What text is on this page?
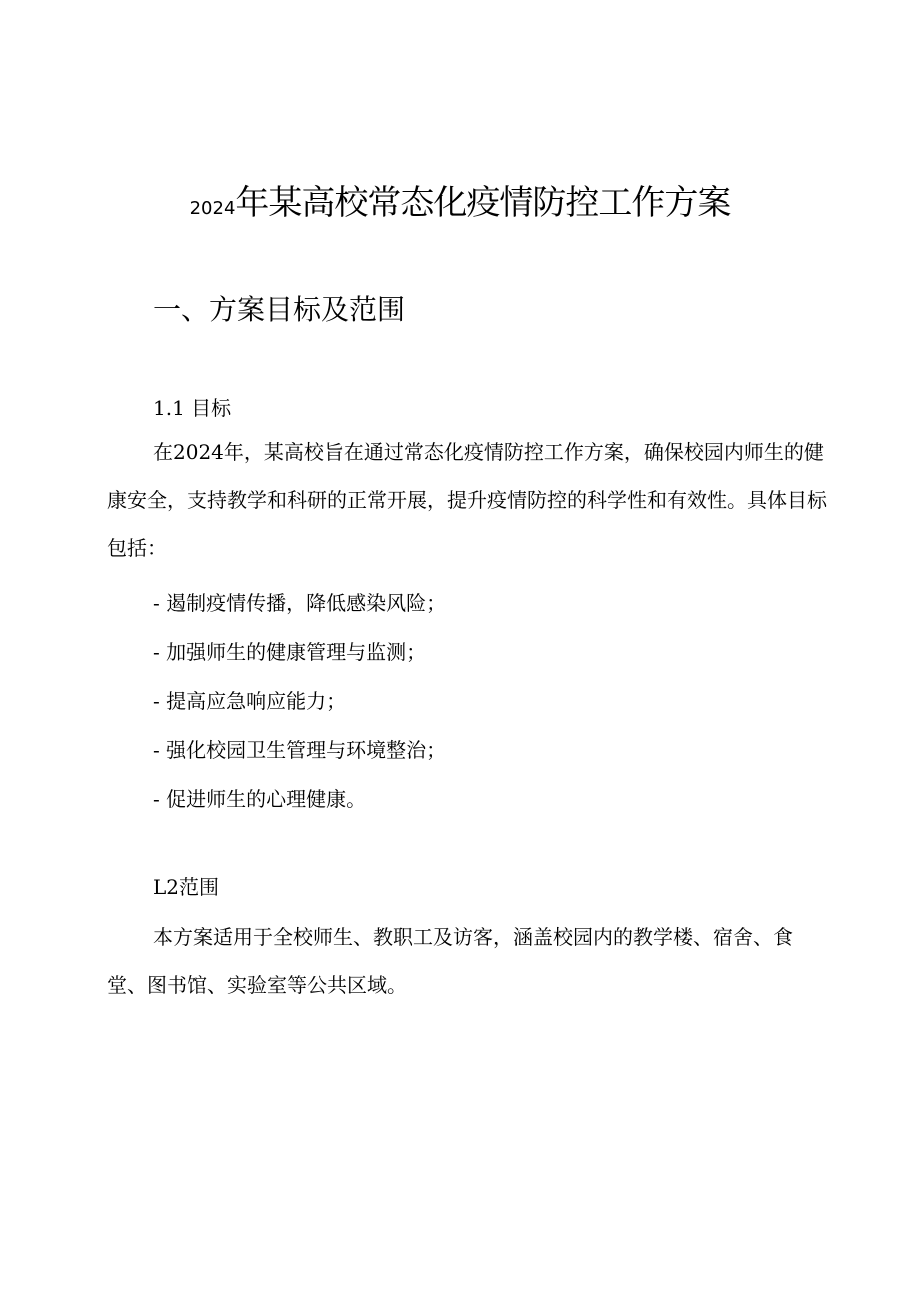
2024年某高校常态化疫情防控工作方案
一、方案目标及范围
1.1 目标

在2024年，某高校旨在通过常态化疫情防控工作方案，确保校园内师生的健康安全，支持教学和科研的正常开展，提升疫情防控的科学性和有效性。具体目标包括：

- 遏制疫情传播，降低感染风险；
- 加强师生的健康管理与监测；
- 提高应急响应能力；
- 强化校园卫生管理与环境整治；
- 促进师生的心理健康。
L2范围

本方案适用于全校师生、教职工及访客，涵盖校园内的教学楼、宿舍、食堂、图书馆、实验室等公共区域。
